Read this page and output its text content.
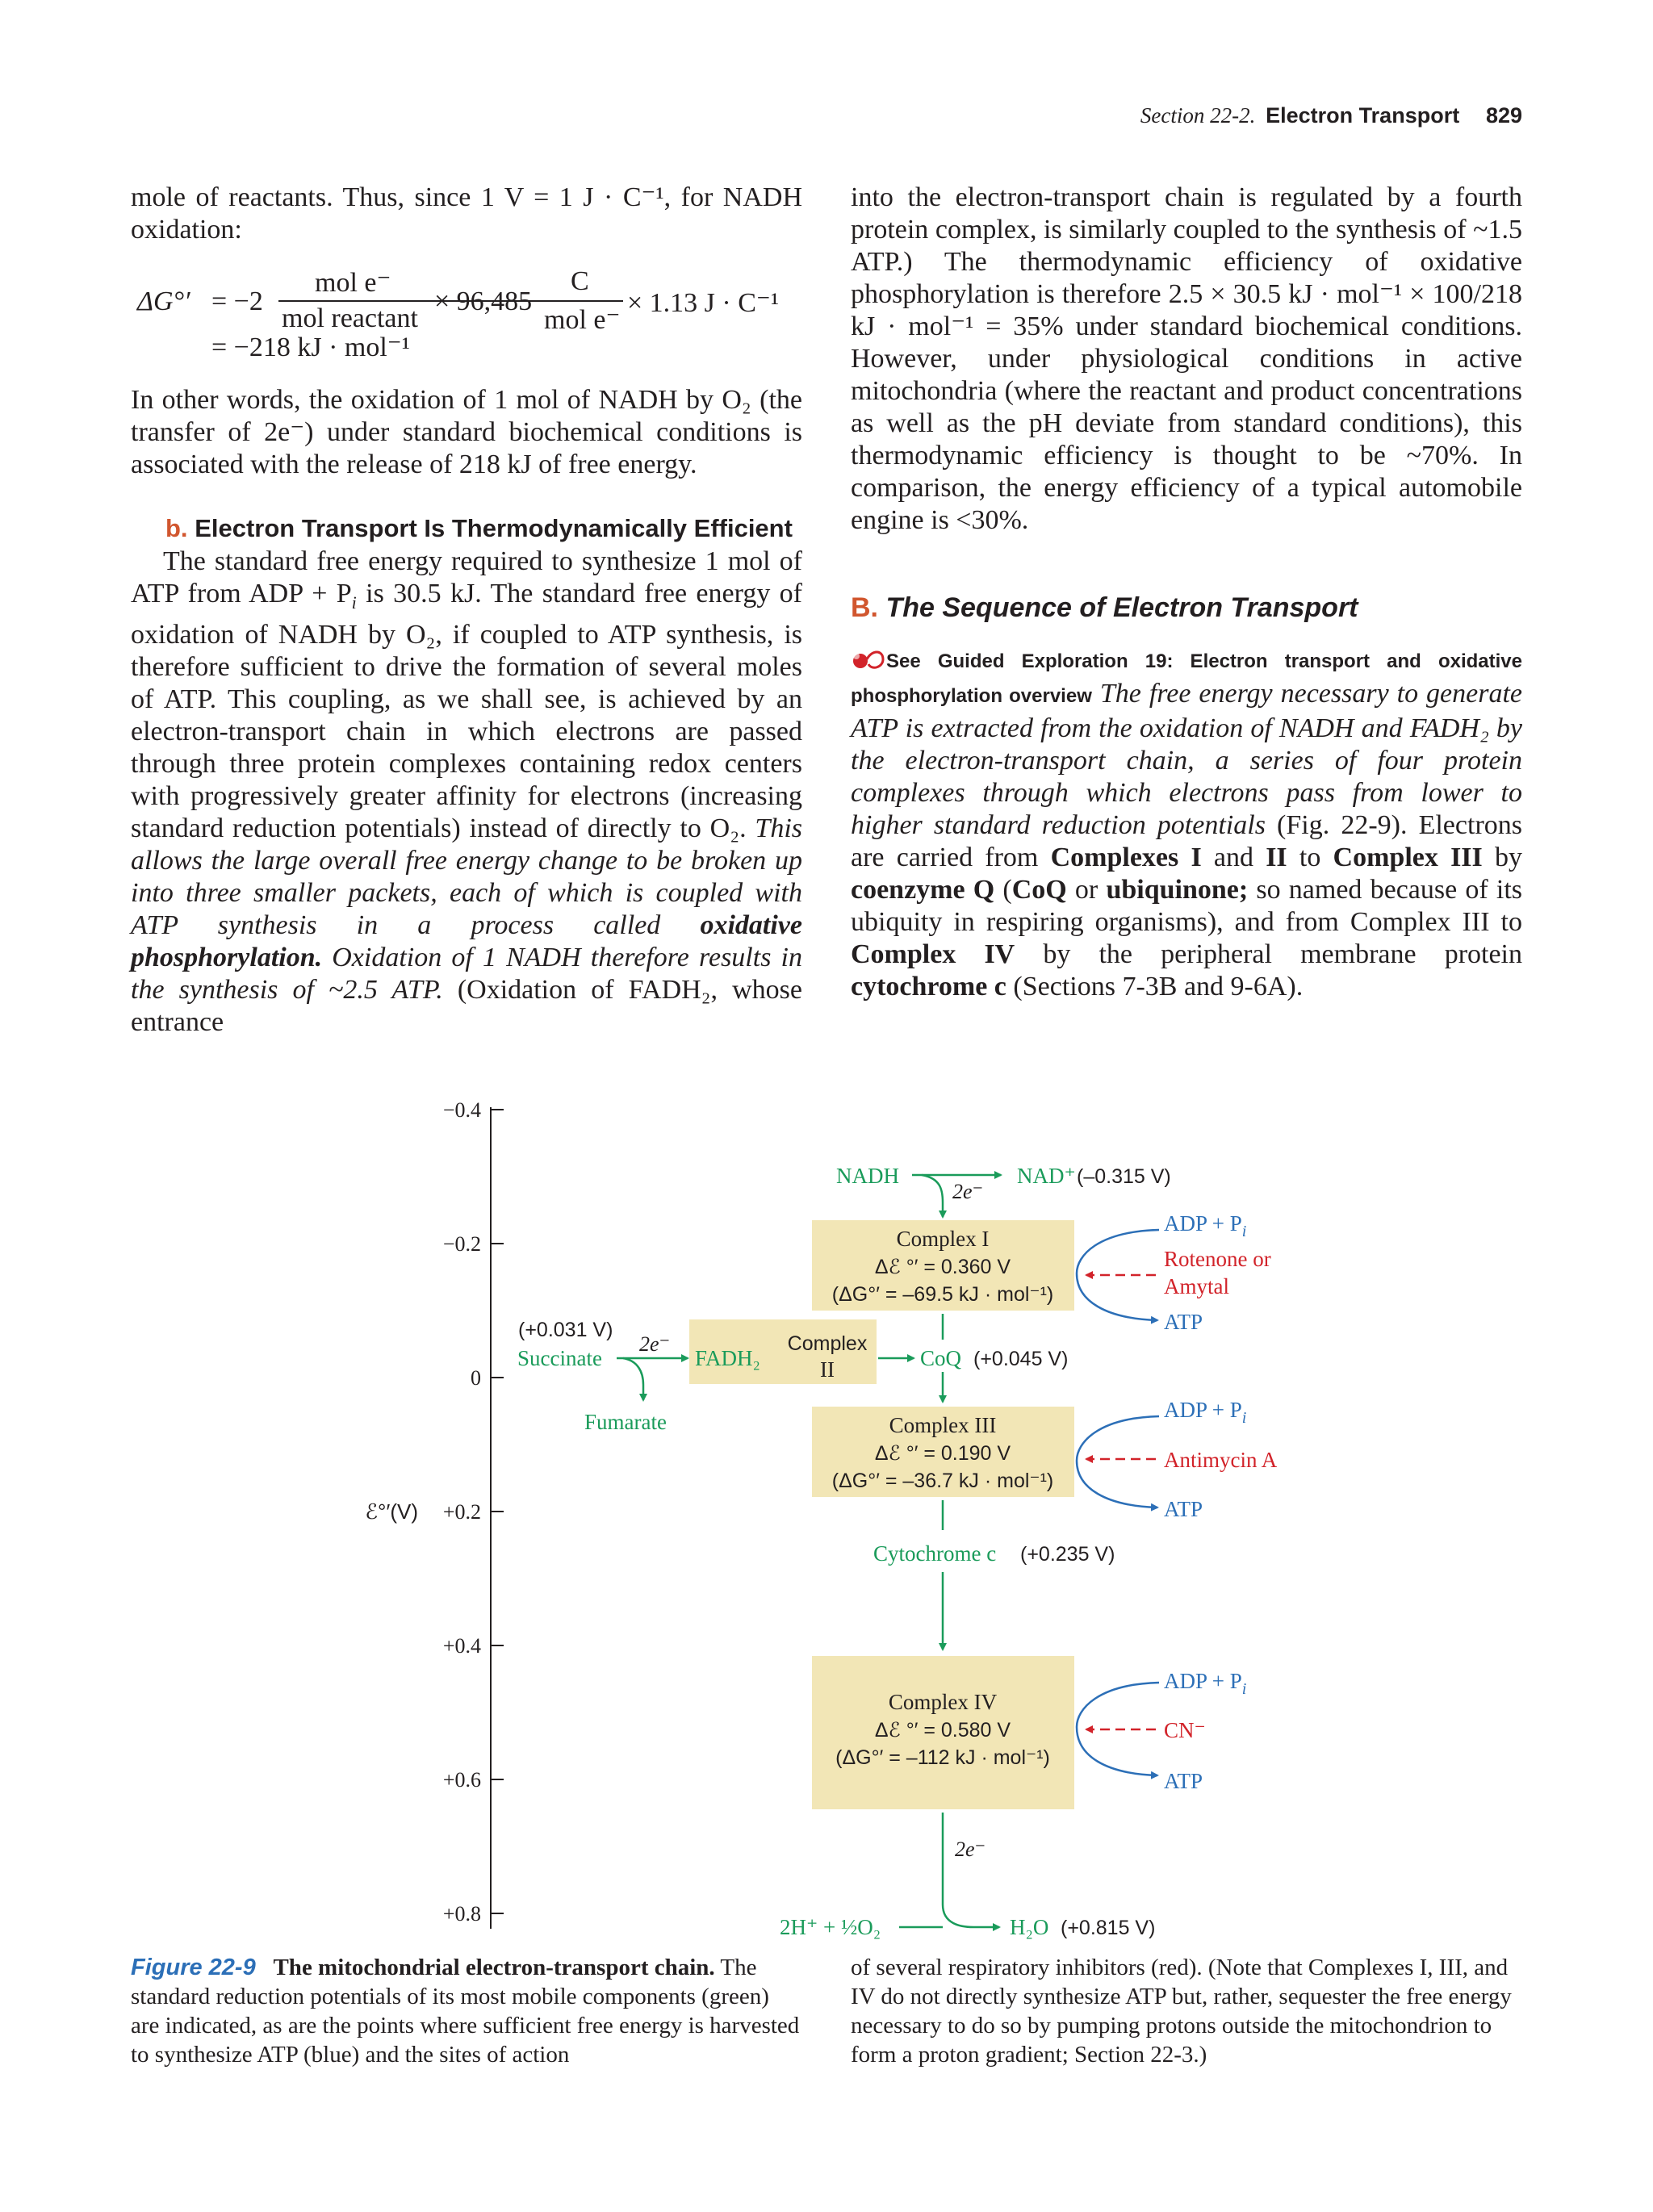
Section 22-2. Electron Transport 829

mole of reactants. Thus, since 1 V = 1 J · C⁻¹, for NADH oxidation:

ΔG°′ = −2
mol e⁻
mol reactant
× 96,485
C
mol e⁻
× 1.13 J · C⁻¹
= −218 kJ · mol⁻¹

In other words, the oxidation of 1 mol of NADH by O₂ (the transfer of 2e⁻) under standard biochemical conditions is associated with the release of 218 kJ of free energy.

b. Electron Transport Is Thermodynamically Efficient

The standard free energy required to synthesize 1 mol of ATP from ADP + $P_i$ is 30.5 kJ. The standard free energy of oxidation of NADH by O₂, if coupled to ATP synthesis, is therefore sufficient to drive the formation of several moles of ATP. This coupling, as we shall see, is achieved by an electron-transport chain in which electrons are passed through three protein complexes containing redox centers with progressively greater affinity for electrons (increasing standard reduction potentials) instead of directly to O₂. This allows the large overall free energy change to be broken up into three smaller packets, each of which is coupled with ATP synthesis in a process called oxidative phosphorylation. Oxidation of 1 NADH therefore results in the synthesis of ~2.5 ATP. (Oxidation of FADH₂, whose entrance

into the electron-transport chain is regulated by a fourth protein complex, is similarly coupled to the synthesis of ~1.5 ATP.) The thermodynamic efficiency of oxidative phosphorylation is therefore 2.5 × 30.5 kJ · mol⁻¹ × 100/218 kJ · mol⁻¹ = 35% under standard biochemical conditions. However, under physiological conditions in active mitochondria (where the reactant and product concentrations as well as the pH deviate from standard conditions), this thermodynamic efficiency is thought to be ~70%. In comparison, the energy efficiency of a typical automobile engine is <30%.

B. The Sequence of Electron Transport

See Guided Exploration 19: Electron transport and oxidative phosphorylation overview The free energy necessary to generate ATP is extracted from the oxidation of NADH and FADH₂ by the electron-transport chain, a series of four protein complexes through which electrons pass from lower to higher standard reduction potentials (Fig. 22-9). Electrons are carried from Complexes I and II to Complex III by coenzyme Q (CoQ or ubiquinone; so named because of its ubiquity in respiring organisms), and from Complex III to Complex IV by the peripheral membrane protein cytochrome c (Sections 7-3B and 9-6A).

−0.4
−0.2
0
+0.2
+0.4
+0.6
+0.8
ℰ°′(V)
Complex I
Δℰ °′ = 0.360 V
(ΔG°′ = –69.5 kJ · mol⁻¹)
Complex
II
Complex III
Δℰ °′ = 0.190 V
(ΔG°′ = –36.7 kJ · mol⁻¹)
Complex IV
Δℰ °′ = 0.580 V
(ΔG°′ = –112 kJ · mol⁻¹)
NADH
2e⁻
NAD⁺ (–0.315 V)
ADP + $P_i$
ATP
Rotenone or
Amytal
(+0.031 V)
Succinate
2e⁻
Fumarate
FADH₂	CoQ (+0.045 V)
ADP + $P_i$
ATP
Antimycin A
Cytochrome c (+0.235 V)
ADP + $P_i$
ATP
CN⁻
2e⁻
2H⁺ + ½O₂	H₂O (+0.815 V)
Figure 22-9 The mitochondrial electron-transport chain. The standard reduction potentials of its most mobile components (green) are indicated, as are the points where sufficient free energy is harvested to synthesize ATP (blue) and the sites of action
of several respiratory inhibitors (red). (Note that Complexes I, III, and IV do not directly synthesize ATP but, rather, sequester the free energy necessary to do so by pumping protons outside the mitochondrion to form a proton gradient; Section 22-3.)
